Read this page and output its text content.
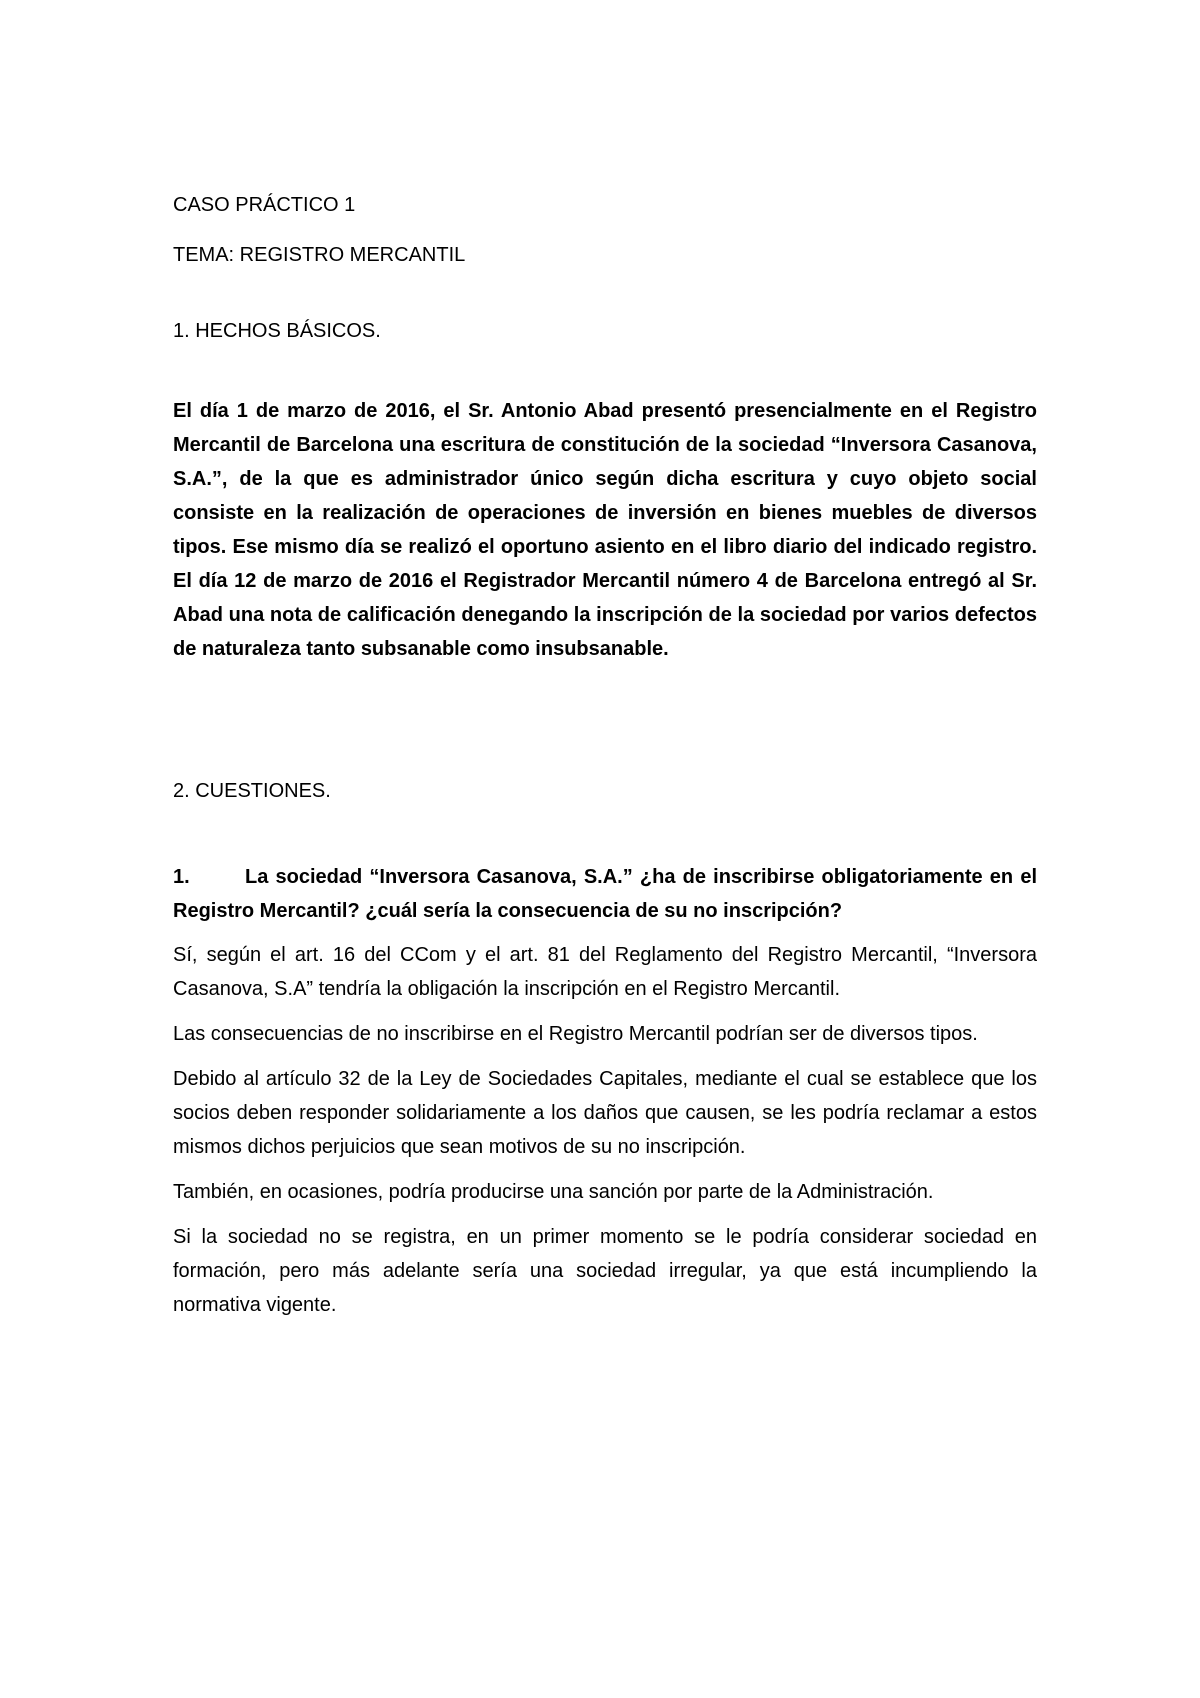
CASO PRÁCTICO 1

TEMA: REGISTRO MERCANTIL

1. HECHOS BÁSICOS.

El día 1 de marzo de 2016, el Sr. Antonio Abad presentó presencialmente en el Registro Mercantil de Barcelona una escritura de constitución de la sociedad “Inversora Casanova, S.A.”, de la que es administrador único según dicha escritura y cuyo objeto social consiste en la realización de operaciones de inversión en bienes muebles de diversos tipos. Ese mismo día se realizó el oportuno asiento en el libro diario del indicado registro. El día 12 de marzo de 2016 el Registrador Mercantil número 4 de Barcelona entregó al Sr. Abad una nota de calificación denegando la inscripción de la sociedad por varios defectos de naturaleza tanto subsanable como insubsanable.

2. CUESTIONES.

1.	La sociedad “Inversora Casanova, S.A.” ¿ha de inscribirse obligatoriamente en el Registro Mercantil? ¿cuál sería la consecuencia de su no inscripción?

Sí, según el art. 16 del CCom y el art. 81 del Reglamento del Registro Mercantil, “Inversora Casanova, S.A” tendría la obligación la inscripción en el Registro Mercantil.

Las consecuencias de no inscribirse en el Registro Mercantil podrían ser de diversos tipos.

Debido al artículo 32 de la Ley de Sociedades Capitales, mediante el cual se establece que los socios deben responder solidariamente a los daños que causen, se les podría reclamar a estos mismos dichos perjuicios que sean motivos de su no inscripción.

También, en ocasiones, podría producirse una sanción por parte de la Administración.

Si la sociedad no se registra, en un primer momento se le podría considerar sociedad en formación, pero más adelante sería una sociedad irregular, ya que está incumpliendo la normativa vigente.
